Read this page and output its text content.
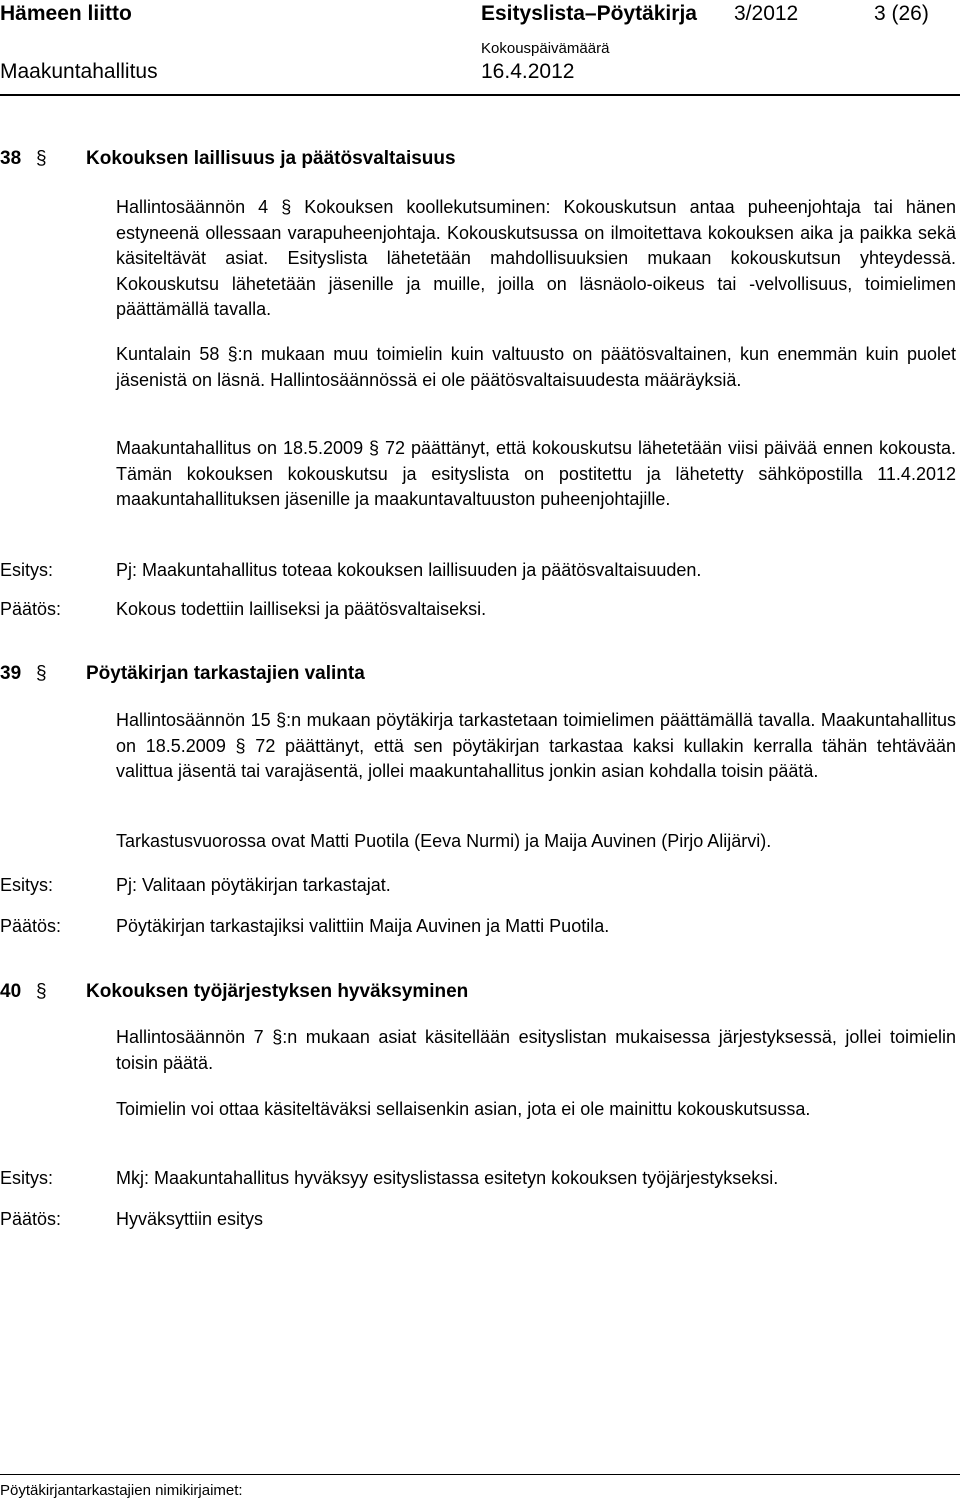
Hämeen liitto	Esityslista–Pöytäkirja 3/2012	3 (26)
Kokouspäivämäärä
Maakuntahallitus	16.4.2012
38 § Kokouksen laillisuus ja päätösvaltaisuus
Hallintosäännön 4 § Kokouksen koollekutsuminen: Kokouskutsun antaa puheenjohtaja tai hänen estyneenä ollessaan varapuheenjohtaja. Kokouskutsussa on ilmoitettava kokouksen aika ja paikka sekä käsiteltävät asiat. Esityslista lähetetään mahdollisuuksien mukaan kokouskutsun yhteydessä. Kokouskutsu lähetetään jäsenille ja muille, joilla on läsnäolo-oikeus tai -velvollisuus, toimielimen päättämällä tavalla.
Kuntalain 58 §:n mukaan muu toimielin kuin valtuusto on päätösvaltainen, kun enemmän kuin puolet jäsenistä on läsnä. Hallintosäännössä ei ole päätösvaltaisuudesta määräyksiä.
Maakuntahallitus on 18.5.2009 § 72 päättänyt, että kokouskutsu lähetetään viisi päivää ennen kokousta. Tämän kokouksen kokouskutsu ja esityslista on postitettu ja lähetetty sähköpostilla 11.4.2012 maakuntahallituksen jäsenille ja maakuntavaltuuston puheenjohtajille.
Esitys:	Pj: Maakuntahallitus toteaa kokouksen laillisuuden ja päätösvaltaisuuden.
Päätös:	Kokous todettiin lailliseksi ja päätösvaltaiseksi.
39 § Pöytäkirjan tarkastajien valinta
Hallintosäännön 15 §:n mukaan pöytäkirja tarkastetaan toimielimen päättämällä tavalla. Maakuntahallitus on 18.5.2009 § 72 päättänyt, että sen pöytäkirjan tarkastaa kaksi kullakin kerralla tähän tehtävään valittua jäsentä tai varajäsentä, jollei maakuntahallitus jonkin asian kohdalla toisin päätä.
Tarkastusvuorossa ovat Matti Puotila (Eeva Nurmi) ja Maija Auvinen (Pirjo Alijärvi).
Esitys:	Pj: Valitaan pöytäkirjan tarkastajat.
Päätös:	Pöytäkirjan tarkastajiksi valittiin Maija Auvinen ja Matti Puotila.
40 § Kokouksen työjärjestyksen hyväksyminen
Hallintosäännön 7 §:n mukaan asiat käsitellään esityslistan mukaisessa järjestyksessä, jollei toimielin toisin päätä.
Toimielin voi ottaa käsiteltäväksi sellaisenkin asian, jota ei ole mainittu kokouskutsussa.
Esitys:	Mkj: Maakuntahallitus hyväksyy esityslistassa esitetyn kokouksen työjärjestykseksi.
Päätös:	Hyväksyttiin esitys
Pöytäkirjantarkastajien nimikirjaimet:
